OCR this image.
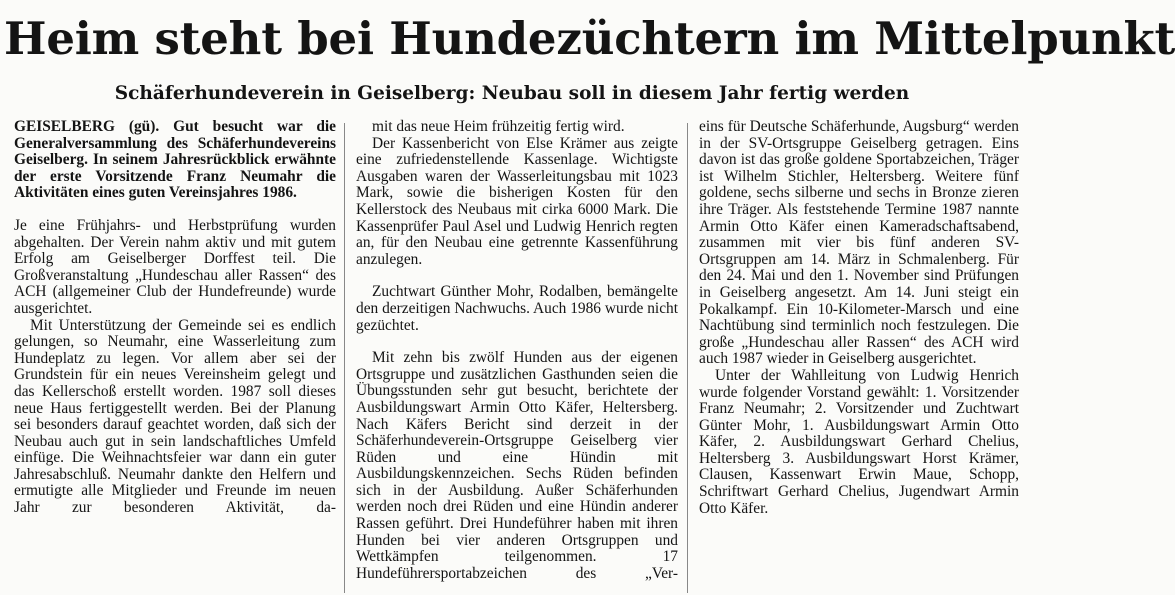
Heim steht bei Hundezüchtern im Mittelpunkt
Schäferhundeverein in Geiselberg: Neubau soll in diesem Jahr fertig werden

GEISELBERG (gü). Gut besucht war die Generalversammlung des Schäferhundevereins Geiselberg. In seinem Jahresrückblick erwähnte der erste Vorsitzende Franz Neumahr die Aktivitäten eines guten Vereinsjahres 1986.

Je eine Frühjahrs- und Herbstprüfung wurden abgehalten. Der Verein nahm aktiv und mit gutem Erfolg am Geiselberger Dorffest teil. Die Großveranstaltung „Hundeschau aller Rassen“ des ACH (allgemeiner Club der Hundefreunde) wurde ausgerichtet.

Mit Unterstützung der Gemeinde sei es endlich gelungen, so Neumahr, eine Wasserleitung zum Hundeplatz zu legen. Vor allem aber sei der Grundstein für ein neues Vereinsheim gelegt und das Kellerschoß erstellt worden. 1987 soll dieses neue Haus fertiggestellt werden. Bei der Planung sei besonders darauf geachtet worden, daß sich der Neubau auch gut in sein landschaftliches Umfeld einfüge. Die Weihnachtsfeier war dann ein guter Jahresabschluß. Neumahr dankte den Helfern und ermutigte alle Mitglieder und Freunde im neuen Jahr zur besonderen Aktivität, da-

mit das neue Heim frühzeitig fertig wird.

Der Kassenbericht von Else Krämer aus zeigte eine zufriedenstellende Kassenlage. Wichtigste Ausgaben waren der Wasserleitungsbau mit 1023 Mark, sowie die bisherigen Kosten für den Kellerstock des Neubaus mit cirka 6000 Mark. Die Kassenprüfer Paul Asel und Ludwig Henrich regten an, für den Neubau eine getrennte Kassenführung anzulegen.

Zuchtwart Günther Mohr, Rodalben, bemängelte den derzeitigen Nachwuchs. Auch 1986 wurde nicht gezüchtet.

Mit zehn bis zwölf Hunden aus der eigenen Ortsgruppe und zusätzlichen Gasthunden seien die Übungsstunden sehr gut besucht, berichtete der Ausbildungswart Armin Otto Käfer, Heltersberg. Nach Käfers Bericht sind derzeit in der Schäferhundeverein-Ortsgruppe Geiselberg vier Rüden und eine Hündin mit Ausbildungskennzeichen. Sechs Rüden befinden sich in der Ausbildung. Außer Schäferhunden werden noch drei Rüden und eine Hündin anderer Rassen geführt. Drei Hundeführer haben mit ihren Hunden bei vier anderen Ortsgruppen und Wettkämpfen teilgenommen. 17 Hundeführersportabzeichen des „Ver-

eins für Deutsche Schäferhunde, Augsburg“ werden in der SV-Ortsgruppe Geiselberg getragen. Eins davon ist das große goldene Sportabzeichen, Träger ist Wilhelm Stichler, Heltersberg. Weitere fünf goldene, sechs silberne und sechs in Bronze zieren ihre Träger. Als feststehende Termine 1987 nannte Armin Otto Käfer einen Kameradschaftsabend, zusammen mit vier bis fünf anderen SV-Ortsgruppen am 14. März in Schmalenberg. Für den 24. Mai und den 1. November sind Prüfungen in Geiselberg angesetzt. Am 14. Juni steigt ein Pokalkampf. Ein 10-Kilometer-Marsch und eine Nachtübung sind terminlich noch festzulegen. Die große „Hundeschau aller Rassen“ des ACH wird auch 1987 wieder in Geiselberg ausgerichtet.

Unter der Wahlleitung von Ludwig Henrich wurde folgender Vorstand gewählt: 1. Vorsitzender Franz Neumahr; 2. Vorsitzender und Zuchtwart Günter Mohr, 1. Ausbildungswart Armin Otto Käfer, 2. Ausbildungswart Gerhard Chelius, Heltersberg 3. Ausbildungswart Horst Krämer, Clausen, Kassenwart Erwin Maue, Schopp, Schriftwart Gerhard Chelius, Jugendwart Armin Otto Käfer.
